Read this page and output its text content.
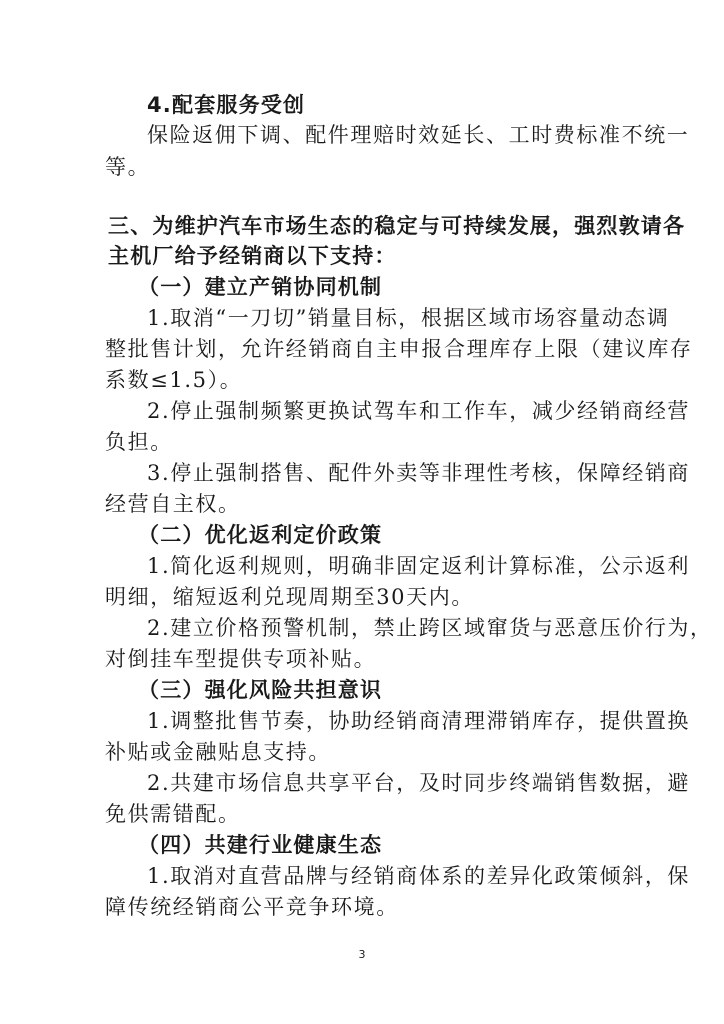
4.配套服务受创
保险返佣下调、配件理赔时效延长、工时费标准不统一
等。
三、为维护汽车市场生态的稳定与可持续发展，强烈敦请各
主机厂给予经销商以下支持：
（一）建立产销协同机制
1.取消“一刀切”销量目标，根据区域市场容量动态调
整批售计划，允许经销商自主申报合理库存上限（建议库存
系数≤1.5）。
2.停止强制频繁更换试驾车和工作车，减少经销商经营
负担。
3.停止强制搭售、配件外卖等非理性考核，保障经销商
经营自主权。
（二）优化返利定价政策
1.简化返利规则，明确非固定返利计算标准，公示返利
明细，缩短返利兑现周期至30天内。
2.建立价格预警机制，禁止跨区域窜货与恶意压价行为，
对倒挂车型提供专项补贴。
（三）强化风险共担意识
1.调整批售节奏，协助经销商清理滞销库存，提供置换
补贴或金融贴息支持。
2.共建市场信息共享平台，及时同步终端销售数据，避
免供需错配。
（四）共建行业健康生态
1.取消对直营品牌与经销商体系的差异化政策倾斜，保
障传统经销商公平竞争环境。
3
